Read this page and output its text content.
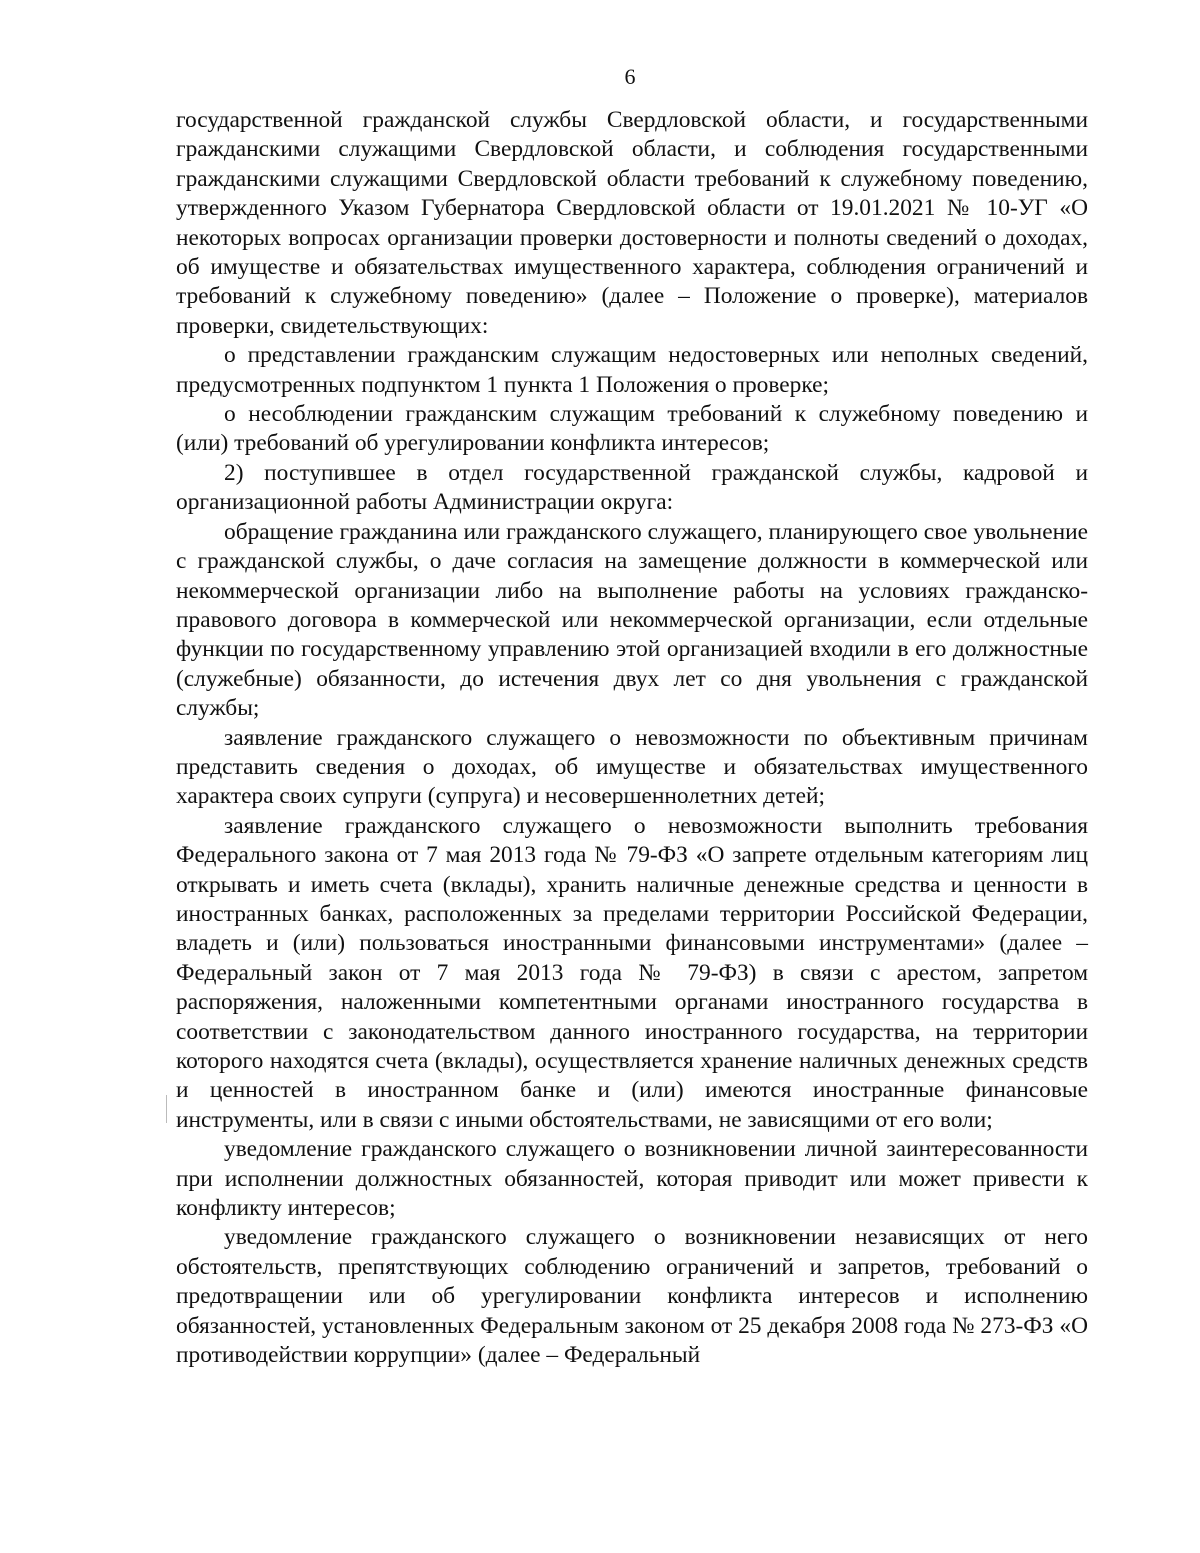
6

государственной гражданской службы Свердловской области, и государственными гражданскими служащими Свердловской области, и соблюдения государственными гражданскими служащими Свердловской области требований к служебному поведению, утвержденного Указом Губернатора Свердловской области от 19.01.2021 № 10-УГ «О некоторых вопросах организации проверки достоверности и полноты сведений о доходах, об имуществе и обязательствах имущественного характера, соблюдения ограничений и требований к служебному поведению» (далее – Положение о проверке), материалов проверки, свидетельствующих:

о представлении гражданским служащим недостоверных или неполных сведений, предусмотренных подпунктом 1 пункта 1 Положения о проверке;

о несоблюдении гражданским служащим требований к служебному поведению и (или) требований об урегулировании конфликта интересов;

2) поступившее в отдел государственной гражданской службы, кадровой и организационной работы Администрации округа:

обращение гражданина или гражданского служащего, планирующего свое увольнение с гражданской службы, о даче согласия на замещение должности в коммерческой или некоммерческой организации либо на выполнение работы на условиях гражданско-правового договора в коммерческой или некоммерческой организации, если отдельные функции по государственному управлению этой организацией входили в его должностные (служебные) обязанности, до истечения двух лет со дня увольнения с гражданской службы;

заявление гражданского служащего о невозможности по объективным причинам представить сведения о доходах, об имуществе и обязательствах имущественного характера своих супруги (супруга) и несовершеннолетних детей;

заявление гражданского служащего о невозможности выполнить требования Федерального закона от 7 мая 2013 года № 79-ФЗ «О запрете отдельным категориям лиц открывать и иметь счета (вклады), хранить наличные денежные средства и ценности в иностранных банках, расположенных за пределами территории Российской Федерации, владеть и (или) пользоваться иностранными финансовыми инструментами» (далее – Федеральный закон от 7 мая 2013 года № 79-ФЗ) в связи с арестом, запретом распоряжения, наложенными компетентными органами иностранного государства в соответствии с законодательством данного иностранного государства, на территории которого находятся счета (вклады), осуществляется хранение наличных денежных средств и ценностей в иностранном банке и (или) имеются иностранные финансовые инструменты, или в связи с иными обстоятельствами, не зависящими от его воли;

уведомление гражданского служащего о возникновении личной заинтересованности при исполнении должностных обязанностей, которая приводит или может привести к конфликту интересов;

уведомление гражданского служащего о возникновении независящих от него обстоятельств, препятствующих соблюдению ограничений и запретов, требований о предотвращении или об урегулировании конфликта интересов и исполнению обязанностей, установленных Федеральным законом от 25 декабря 2008 года № 273-ФЗ «О противодействии коррупции» (далее – Федеральный
